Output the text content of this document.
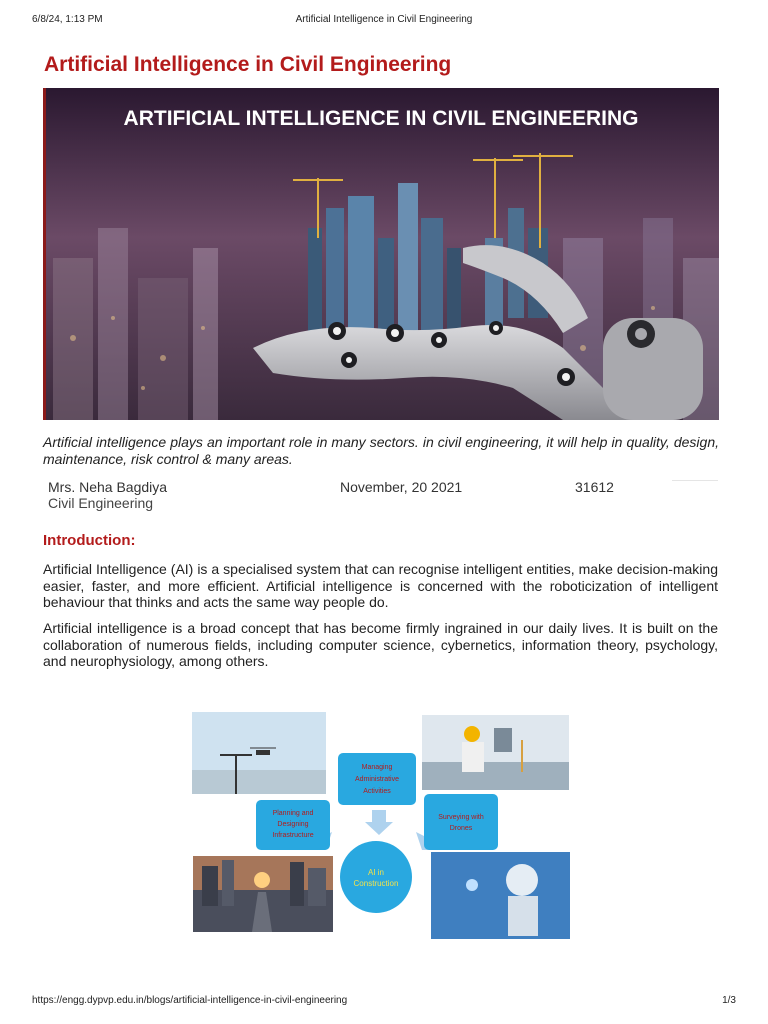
6/8/24, 1:13 PM	Artificial Intelligence in Civil Engineering
Artificial Intelligence in Civil Engineering
ARTIFICIAL INTELLIGENCE IN CIVIL ENGINEERING

Artificial intelligence plays an important role in many sectors. in civil engineering, it will help in quality, design, maintenance, risk control & many areas.

Mrs. Neha Bagdiya
Civil Engineering
November, 20 2021	31612
Introduction:

Artificial Intelligence (AI) is a specialised system that can recognise intelligent entities, make decision-making easier, faster, and more efficient. Artificial intelligence is concerned with the roboticization of intelligent behaviour that thinks and acts the same way people do.

Artificial intelligence is a broad concept that has become firmly ingrained in our daily lives. It is built on the collaboration of numerous fields, including computer science, cybernetics, information theory, psychology, and neurophysiology, among others.

Managing
Administrative
Activities
Planning and
Designing
Infrastructure
Surveying with
Drones
AI in
Construction
https://engg.dypvp.edu.in/blogs/artificial-intelligence-in-civil-engineering	1/3
